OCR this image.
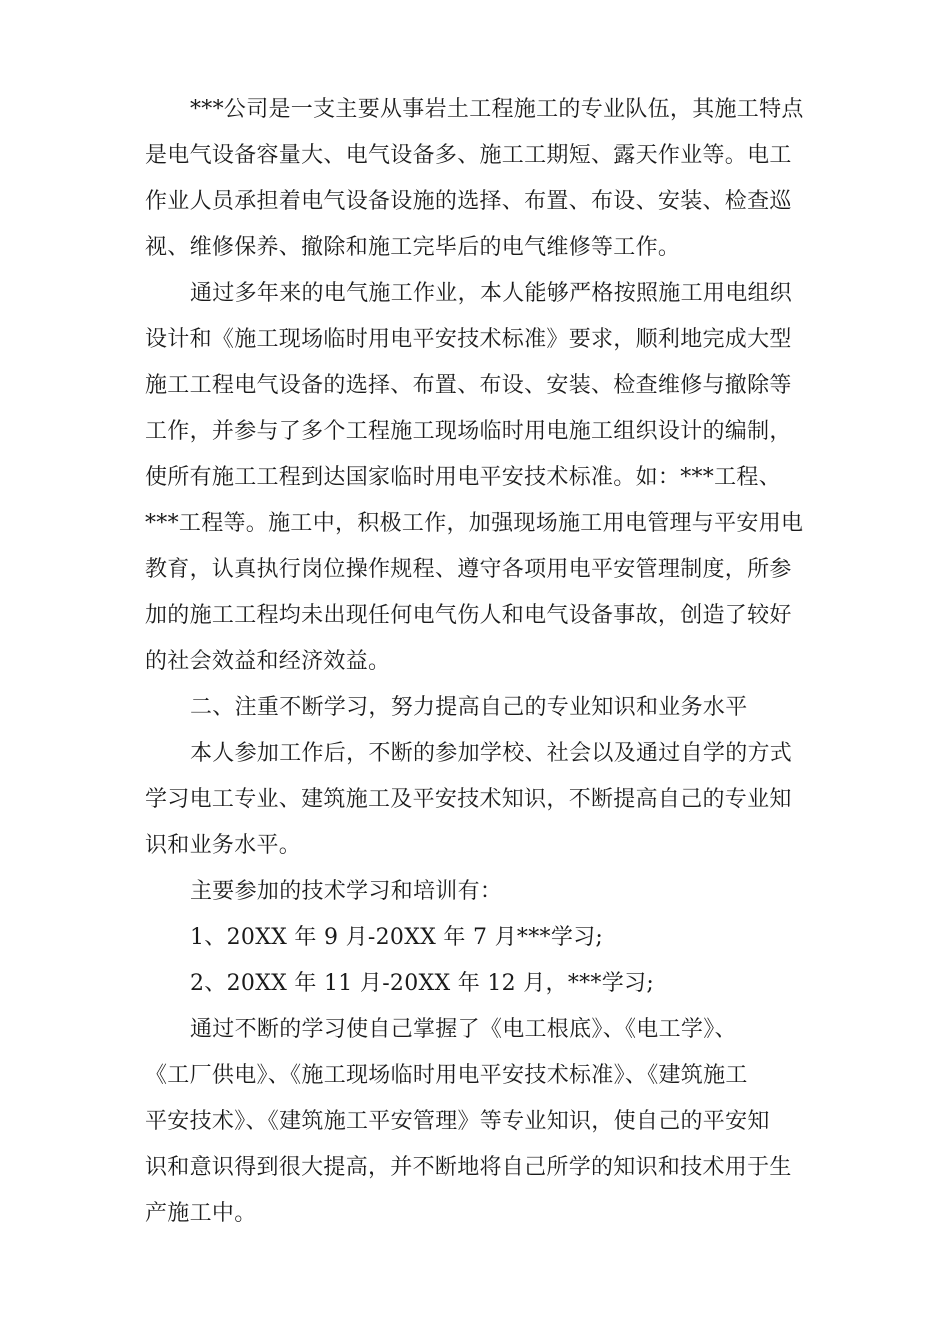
***公司是一支主要从事岩土工程施工的专业队伍，其施工特点

是电气设备容量大、电气设备多、施工工期短、露天作业等。电工

作业人员承担着电气设备设施的选择、布置、布设、安装、检查巡

视、维修保养、撤除和施工完毕后的电气维修等工作。

通过多年来的电气施工作业，本人能够严格按照施工用电组织

设计和《施工现场临时用电平安技术标准》要求，顺利地完成大型

施工工程电气设备的选择、布置、布设、安装、检查维修与撤除等

工作，并参与了多个工程施工现场临时用电施工组织设计的编制，

使所有施工工程到达国家临时用电平安技术标准。如：***工程、

***工程等。施工中，积极工作，加强现场施工用电管理与平安用电

教育，认真执行岗位操作规程、遵守各项用电平安管理制度，所参

加的施工工程均未出现任何电气伤人和电气设备事故，创造了较好

的社会效益和经济效益。

二、注重不断学习，努力提高自己的专业知识和业务水平

本人参加工作后，不断的参加学校、社会以及通过自学的方式

学习电工专业、建筑施工及平安技术知识，不断提高自己的专业知

识和业务水平。

主要参加的技术学习和培训有：

1、20XX 年 9 月-20XX 年 7 月***学习;

2、20XX 年 11 月-20XX 年 12 月，***学习;

通过不断的学习使自己掌握了《电工根底》、《电工学》、

《工厂供电》、《施工现场临时用电平安技术标准》、《建筑施工

平安技术》、《建筑施工平安管理》等专业知识，使自己的平安知

识和意识得到很大提高，并不断地将自己所学的知识和技术用于生

产施工中。
